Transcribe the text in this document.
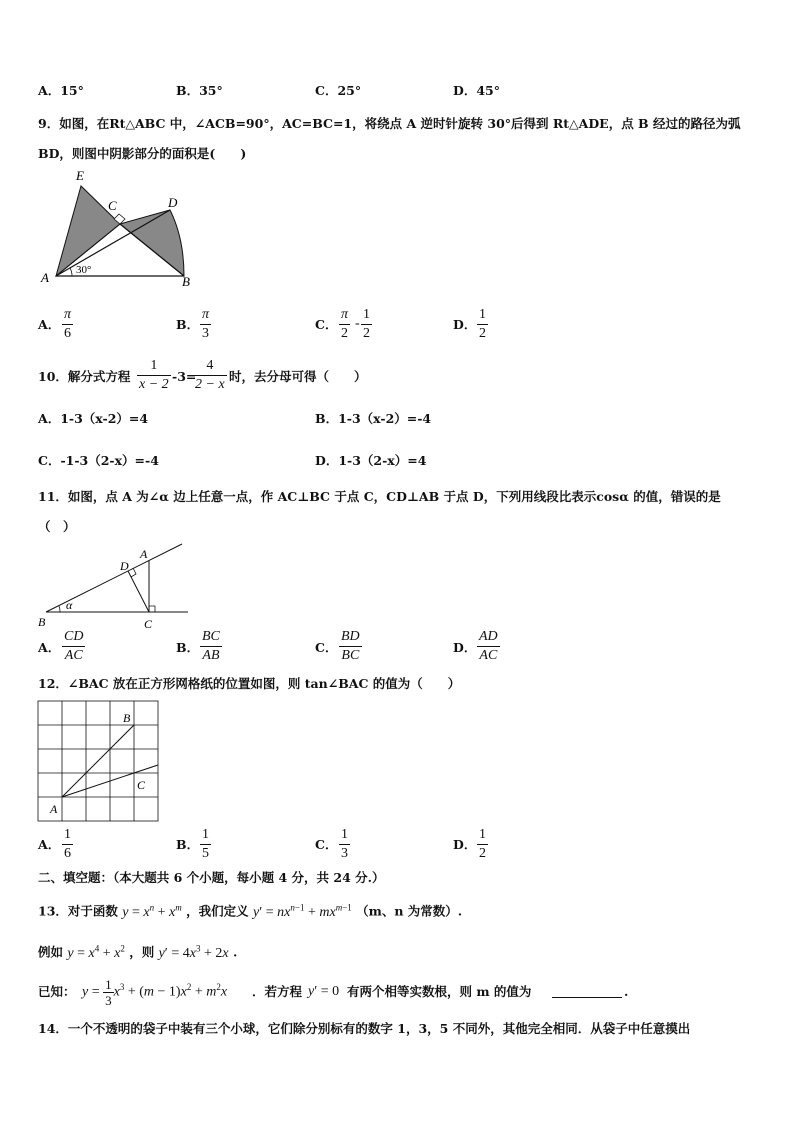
A．15°	B．35°	C．25°	D．45°
9．如图，在Rt△ABC 中，∠ACB=90°，AC=BC=1，将绕点 A 逆时针旋转 30°后得到 Rt△ADE，点 B 经过的路径为弧
BD，则图中阴影部分的面积是(　　)
E
C	D
A	B
30°
A． $\frac{\pi}{6}$	B． $\frac{\pi}{3}$	C． $\frac{\pi}{2} - \frac{1}{2}$	D． $\frac{1}{2}$
10．解分式方程 $\frac{1}{x - 2} -3=$
$\frac{4}{2 - x}$ 时，去分母可得（　　）
A．1-3（x-2）=4	B．1-3（x-2）=-4
C．-1-3（2-x）=-4	D．1-3（2-x）=4
11．如图，点 A 为∠α 边上任意一点，作 AC⊥BC 于点 C，CD⊥AB 于点 D，下列用线段比表示cosα 的值，错误的是
（　）
D
A
α
B	C
A． $\frac{CD}{AC}$	B． $\frac{BC}{AB}$	C． $\frac{BD}{BC}$	D． $\frac{AD}{AC}$
12．∠BAC 放在正方形网格纸的位置如图，则 tan∠BAC 的值为（　　）
A
B
C
A． $\frac{1}{6}$	B． $\frac{1}{5}$	C． $\frac{1}{3}$	D． $\frac{1}{2}$
二、填空题：（本大题共 6 个小题，每小题 4 分，共 24 分.）
13．对于函数 $y = x^n + x^m$ ，我们定义 $y' = nx^{n-1} + mx^{m-1}$ （m、n 为常数）.
例如 $y = x^4 + x^2$ ，则 $y' = 4x^3 + 2x$ .
已知： $y = \frac{1}{3} x^3 + (m - 1)x^2 + m^2x$ ．若方程 y′ = 0 有两个相等实数根，则 m 的值为	.
14．一个不透明的袋子中装有三个小球，它们除分别标有的数字 1，3，5 不同外，其他完全相同．从袋子中任意摸出
